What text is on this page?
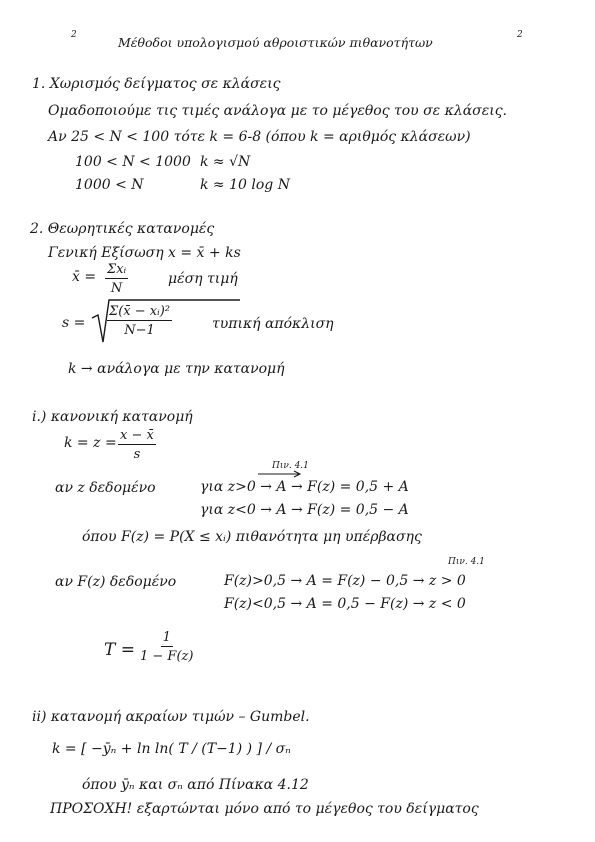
2	Μέθοδοι υπολογισμού αθροιστικών πιθανοτήτων	2
1. Χωρισμός δείγματος σε κλάσεις
Ομαδοποιούμε τις τιμές ανάλογα με το μέγεθος του σε κλάσεις.
Αν 25 < N < 100 τότε k = 6-8 (όπου k = αριθμός κλάσεων)
100 < N < 1000 k ≈ √N
1000 < N	k ≈ 10 log N
2. Θεωρητικές κατανομές
Γενική Εξίσωση x = x̄ + ks
x̄ = Σxᵢ
N
μέση τιμή
$s = \frac{\text{Σ(x̄ − xᵢ)²}}{N-1}$	τυπική απόκλιση
k → ανάλογα με την κατανομή
i.) κανονική κατανομή
$k = z = \frac{x - x̄}{s}$
Πιν. 4.1
αν z δεδομένο	για z>0 → A → F(z) = 0,5 + A
για z<0 → A → F(z) = 0,5 − A
όπου F(z) = P(X ≤ xᵢ) πιθανότητα μη υπέρβασης
Πιν. 4.1
αν F(z) δεδομένο	F(z)>0,5 → A = F(z) − 0,5 → z > 0
F(z)<0,5 → A = 0,5 − F(z) → z < 0
$T = \frac{1}{1 - F(z)}$
ii) κατανομή ακραίων τιμών – Gumbel.
k = [ −ȳₙ + ln ln( T / (T−1) ) ] / σₙ
όπου ȳₙ και σₙ από Πίνακα 4.12
ΠΡΟΣΟΧΗ! εξαρτώνται μόνο από το μέγεθος του δείγματος
